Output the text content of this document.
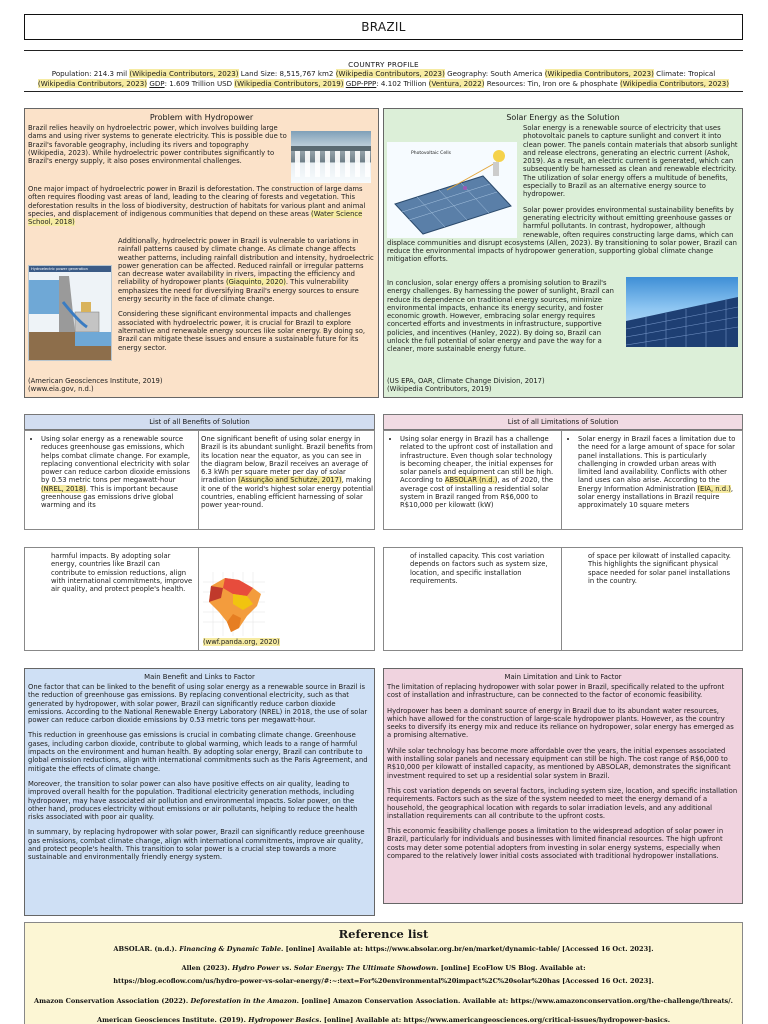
BRAZIL
COUNTRY PROFILE
Population: 214.3 mil (Wikipedia Contributors, 2023) Land Size: 8,515,767 km2 (Wikipedia Contributors, 2023) Geography: South America (Wikipedia Contributors, 2023) Climate: Tropical
(Wikipedia Contributors, 2023) GDP: 1.609 Trillion USD (Wikipedia Contributors, 2019) GDP-PPP: 4.102 Trillion (Ventura, 2022) Resources: Tin, Iron ore & phosphate (Wikipedia Contributors, 2023)
Problem with Hydropower
Brazil relies heavily on hydroelectric power, which involves building large dams and using river systems to generate electricity. This is possible due to Brazil's favorable geography, including its rivers and topography (Wikipedia, 2023). While hydroelectric power contributes significantly to Brazil's energy supply, it also poses environmental challenges.
One major impact of hydroelectric power in Brazil is deforestation. The construction of large dams often requires flooding vast areas of land, leading to the clearing of forests and vegetation. This deforestation results in the loss of biodiversity, destruction of habitats for various plant and animal species, and displacement of indigenous communities that depend on these areas (Water Science School, 2018)
Hydroelectric power generation

Additionally, hydroelectric power in Brazil is vulnerable to variations in rainfall patterns caused by climate change. As climate change affects weather patterns, including rainfall distribution and intensity, hydroelectric power generation can be affected. Reduced rainfall or irregular patterns can decrease water availability in rivers, impacting the efficiency and reliability of hydropower plants (Giaquinto, 2020). This vulnerability emphasizes the need for diversifying Brazil's energy sources to ensure energy security in the face of climate change.

Considering these significant environmental impacts and challenges associated with hydroelectric power, it is crucial for Brazil to explore alternative and renewable energy sources like solar energy. By doing so, Brazil can mitigate these issues and ensure a sustainable future for its energy sector.

(American Geosciences Institute, 2019)
(www.eia.gov, n.d.)
Solar Energy as the Solution
Photovoltaic Cells

Solar energy is a renewable source of electricity that uses photovoltaic panels to capture sunlight and convert it into clean power. The panels contain materials that absorb sunlight and release electrons, generating an electric current (Ashok, 2019). As a result, an electric current is generated, which can subsequently be harnessed as clean and renewable electricity. The utilization of solar energy offers a multitude of benefits, especially to Brazil as an alternative energy source to hydropower.

Solar power provides environmental sustainability benefits by generating electricity without emitting greenhouse gasses or harmful pollutants. In contrast, hydropower, although renewable, often requires constructing large dams, which can displace communities and disrupt ecosystems (Allen, 2023). By transitioning to solar power, Brazil can reduce the environmental impacts of hydropower generation, supporting global climate change mitigation efforts.

In conclusion, solar energy offers a promising solution to Brazil's energy challenges. By harnessing the power of sunlight, Brazil can reduce its dependence on traditional energy sources, minimize environmental impacts, enhance its energy security, and foster economic growth. However, embracing solar energy requires concerted efforts and investments in infrastructure, supportive policies, and incentives (Hanley, 2022). By doing so, Brazil can unlock the full potential of solar energy and pave the way for a cleaner, more sustainable energy future.
(US EPA, OAR, Climate Change Division, 2017)
(Wikipedia Contributors, 2019)
List of all Benefits of Solution
• Using solar energy as a renewable source reduces greenhouse gas emissions, which helps combat climate change. For example, replacing conventional electricity with solar power can reduce carbon dioxide emissions by 0.53 metric tons per megawatt-hour (NREL, 2018). This is important because greenhouse gas emissions drive global warming and its
One significant benefit of using solar energy in Brazil is its abundant sunlight. Brazil benefits from its location near the equator, as you can see in the diagram below, Brazil receives an average of 6.3 kWh per square meter per day of solar irradiation (Assunção and Schutze, 2017), making it one of the world's highest solar energy potential countries, enabling efficient harnessing of solar power year-round.
harmful impacts. By adopting solar energy, countries like Brazil can contribute to emission reductions, align with international commitments, improve air quality, and protect people's health.
(wwf.panda.org, 2020)
List of all Limitations of Solution
• Using solar energy in Brazil has a challenge related to the upfront cost of installation and infrastructure. Even though solar technology is becoming cheaper, the initial expenses for solar panels and equipment can still be high. According to ABSOLAR (n.d.), as of 2020, the average cost of installing a residential solar system in Brazil ranged from R$6,000 to R$10,000 per kilowatt (kW)
• Solar energy in Brazil faces a limitation due to the need for a large amount of space for solar panel installations. This is particularly challenging in crowded urban areas with limited land availability. Conflicts with other land uses can also arise. According to the Energy Information Administration (EIA, n.d.), solar energy installations in Brazil require approximately 10 square meters
of installed capacity. This cost variation depends on factors such as system size, location, and specific installation requirements.
of space per kilowatt of installed capacity. This highlights the significant physical space needed for solar panel installations in the country.
Main Benefit and Links to Factor

One factor that can be linked to the benefit of using solar energy as a renewable source in Brazil is the reduction of greenhouse gas emissions. By replacing conventional electricity, such as that generated by hydropower, with solar power, Brazil can significantly reduce carbon dioxide emissions. According to the National Renewable Energy Laboratory (NREL) in 2018, the use of solar power can reduce carbon dioxide emissions by 0.53 metric tons per megawatt-hour.

This reduction in greenhouse gas emissions is crucial in combating climate change. Greenhouse gases, including carbon dioxide, contribute to global warming, which leads to a range of harmful impacts on the environment and human health. By adopting solar energy, Brazil can contribute to global emission reductions, align with international commitments such as the Paris Agreement, and mitigate the effects of climate change.

Moreover, the transition to solar power can also have positive effects on air quality, leading to improved overall health for the population. Traditional electricity generation methods, including hydropower, may have associated air pollution and environmental impacts. Solar power, on the other hand, produces electricity without emissions or air pollutants, helping to reduce the health risks associated with poor air quality.

In summary, by replacing hydropower with solar power, Brazil can significantly reduce greenhouse gas emissions, combat climate change, align with international commitments, improve air quality, and protect people's health. This transition to solar power is a crucial step towards a more sustainable and environmentally friendly energy system.

Main Limitation and Link to Factor

The limitation of replacing hydropower with solar power in Brazil, specifically related to the upfront cost of installation and infrastructure, can be connected to the factor of economic feasibility.

Hydropower has been a dominant source of energy in Brazil due to its abundant water resources, which have allowed for the construction of large-scale hydropower plants. However, as the country seeks to diversify its energy mix and reduce its reliance on hydropower, solar energy has emerged as a promising alternative.

While solar technology has become more affordable over the years, the initial expenses associated with installing solar panels and necessary equipment can still be high. The cost range of R$6,000 to R$10,000 per kilowatt of installed capacity, as mentioned by ABSOLAR, demonstrates the significant investment required to set up a residential solar system in Brazil.

This cost variation depends on several factors, including system size, location, and specific installation requirements. Factors such as the size of the system needed to meet the energy demand of a household, the geographical location with regards to solar irradiation levels, and any additional installation requirements can all contribute to the upfront costs.

This economic feasibility challenge poses a limitation to the widespread adoption of solar power in Brazil, particularly for individuals and businesses with limited financial resources. The high upfront costs may deter some potential adopters from investing in solar energy systems, especially when compared to the relatively lower initial costs associated with traditional hydropower installations.

Reference list
ABSOLAR. (n.d.). Financing & Dynamic Table. [online] Available at: https://www.absolar.org.br/en/market/dynamic-table/ [Accessed 16 Oct. 2023].
Allen (2023). Hydro Power vs. Solar Energy: The Ultimate Showdown. [online] EcoFlow US Blog. Available at:
https://blog.ecoflow.com/us/hydro-power-vs-solar-energy/#:~:text=For%20environmental%20impact%2C%20solar%20has [Accessed 16 Oct. 2023].
Amazon Conservation Association (2022). Deforestation in the Amazon. [online] Amazon Conservation Association. Available at: https://www.amazonconservation.org/the-challenge/threats/.
American Geosciences Institute. (2019). Hydropower Basics. [online] Available at: https://www.americangeosciences.org/critical-issues/hydropower-basics.
